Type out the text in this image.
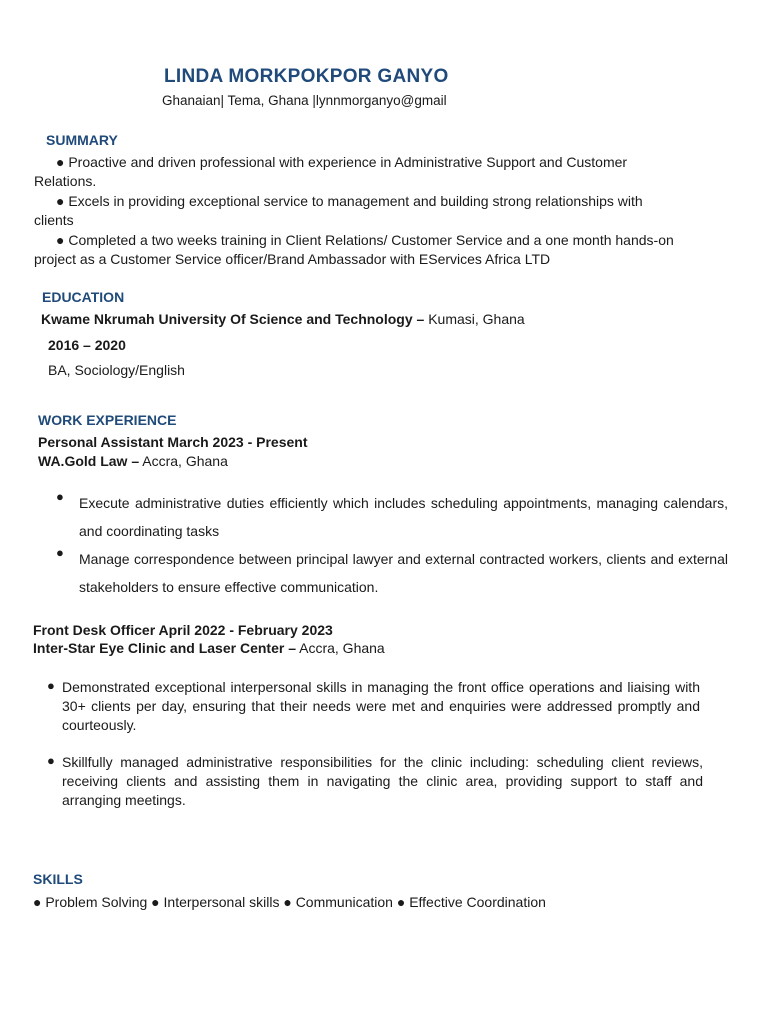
LINDA MORKPOKPOR GANYO
Ghanaian| Tema, Ghana |lynnmorganyo@gmail
SUMMARY
● Proactive and driven professional with experience in Administrative Support and Customer
Relations.
● Excels in providing exceptional service to management and building strong relationships with
clients
● Completed a two weeks training in Client Relations/ Customer Service and a one month hands-on
project as a Customer Service officer/Brand Ambassador with EServices Africa LTD
EDUCATION
Kwame Nkrumah University Of Science and Technology – Kumasi, Ghana
2016 – 2020
BA, Sociology/English
WORK EXPERIENCE
Personal Assistant March 2023 - Present
WA.Gold Law – Accra, Ghana
● Execute administrative duties efficiently which includes scheduling appointments, managing calendars, and coordinating tasks
● Manage correspondence between principal lawyer and external contracted workers, clients and external stakeholders to ensure effective communication.
Front Desk Officer April 2022 - February 2023
Inter-Star Eye Clinic and Laser Center – Accra, Ghana
● Demonstrated exceptional interpersonal skills in managing the front office operations and liaising with 30+ clients per day, ensuring that their needs were met and enquiries were addressed promptly and courteously.
● Skillfully managed administrative responsibilities for the clinic including: scheduling client reviews, receiving clients and assisting them in navigating the clinic area, providing support to staff and arranging meetings.
SKILLS
● Problem Solving ● Interpersonal skills ● Communication ● Effective Coordination
